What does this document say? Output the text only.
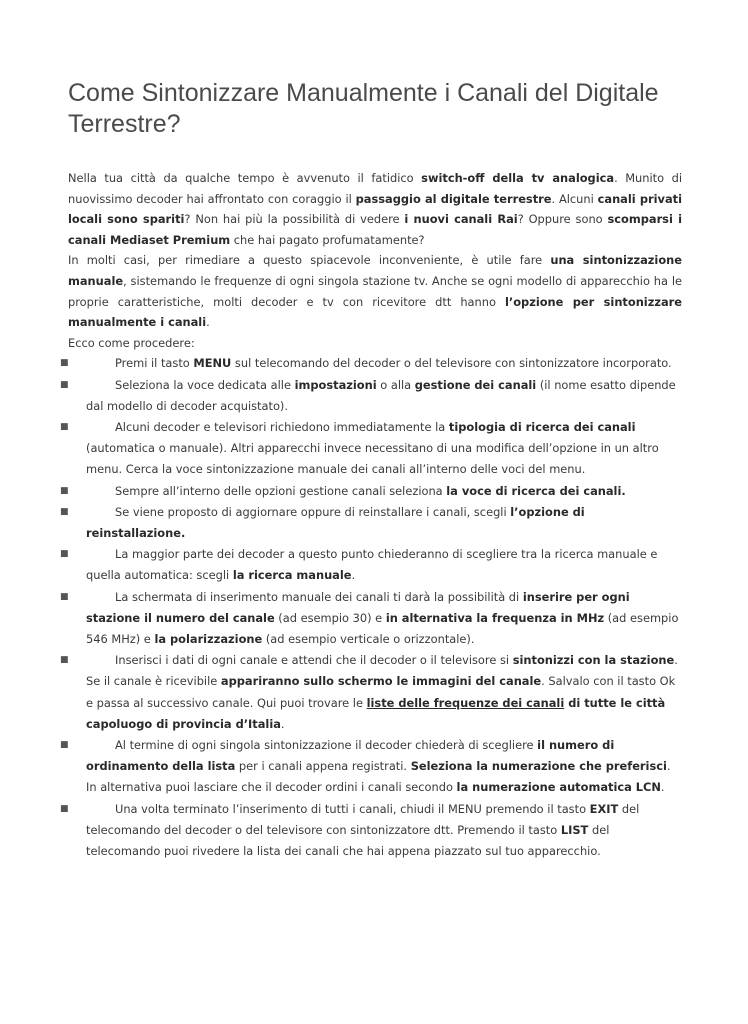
Come Sintonizzare Manualmente i Canali del Digitale Terrestre?

Nella tua città da qualche tempo è avvenuto il fatidico switch-off della tv analogica. Munito di nuovissimo decoder hai affrontato con coraggio il passaggio al digitale terrestre. Alcuni canali privati locali sono spariti? Non hai più la possibilità di vedere i nuovi canali Rai? Oppure sono scomparsi i canali Mediaset Premium che hai pagato profumatamente?

In molti casi, per rimediare a questo spiacevole inconveniente, è utile fare una sintonizzazione manuale, sistemando le frequenze di ogni singola stazione tv. Anche se ogni modello di apparecchio ha le proprie caratteristiche, molti decoder e tv con ricevitore dtt hanno l’opzione per sintonizzare manualmente i canali.

Ecco come procedere:

■	Premi il tasto MENU sul telecomando del decoder o del televisore con sintonizzatore incorporato.
■	Seleziona la voce dedicata alle impostazioni o alla gestione dei canali (il nome esatto dipende dal modello di decoder acquistato).
■	Alcuni decoder e televisori richiedono immediatamente la tipologia di ricerca dei canali (automatica o manuale). Altri apparecchi invece necessitano di una modifica dell’opzione in un altro menu. Cerca la voce sintonizzazione manuale dei canali all’interno delle voci del menu.
■	Sempre all’interno delle opzioni gestione canali seleziona la voce di ricerca dei canali.
■	Se viene proposto di aggiornare oppure di reinstallare i canali, scegli l’opzione di reinstallazione.
■	La maggior parte dei decoder a questo punto chiederanno di scegliere tra la ricerca manuale e quella automatica: scegli la ricerca manuale.
■	La schermata di inserimento manuale dei canali ti darà la possibilità di inserire per ogni stazione il numero del canale (ad esempio 30) e in alternativa la frequenza in MHz (ad esempio 546 MHz) e la polarizzazione (ad esempio verticale o orizzontale).
■	Inserisci i dati di ogni canale e attendi che il decoder o il televisore si sintonizzi con la stazione. Se il canale è ricevibile appariranno sullo schermo le immagini del canale. Salvalo con il tasto Ok e passa al successivo canale. Qui puoi trovare le liste delle frequenze dei canali di tutte le città capoluogo di provincia d’Italia.
■	Al termine di ogni singola sintonizzazione il decoder chiederà di scegliere il numero di ordinamento della lista per i canali appena registrati. Seleziona la numerazione che preferisci. In alternativa puoi lasciare che il decoder ordini i canali secondo la numerazione automatica LCN.
■	Una volta terminato l’inserimento di tutti i canali, chiudi il MENU premendo il tasto EXIT del telecomando del decoder o del televisore con sintonizzatore dtt. Premendo il tasto LIST del telecomando puoi rivedere la lista dei canali che hai appena piazzato sul tuo apparecchio.
